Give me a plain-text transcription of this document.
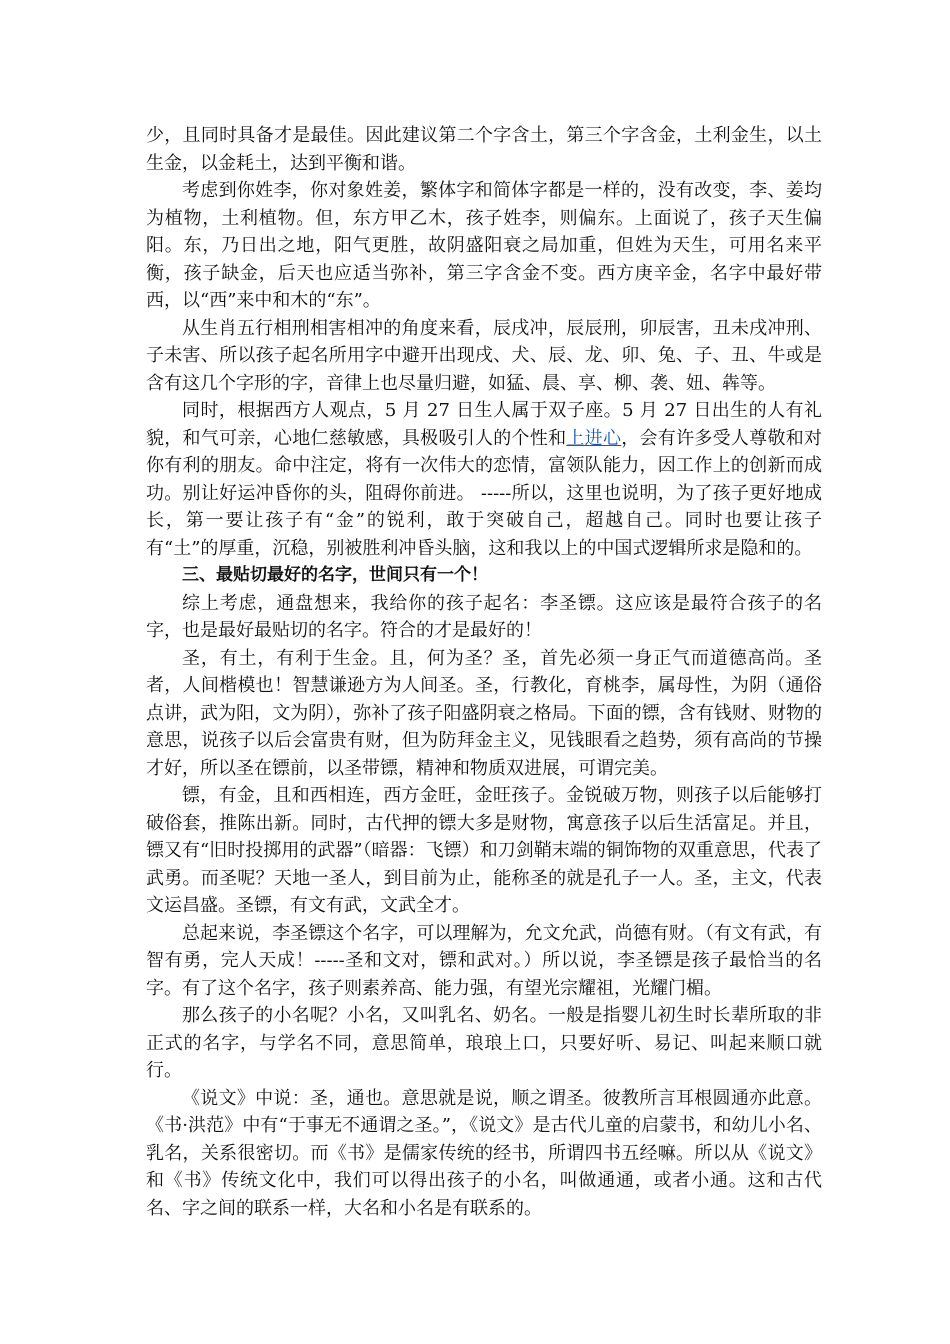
少，且同时具备才是最佳。因此建议第二个字含土，第三个字含金，土利金生，以土生金，以金耗土，达到平衡和谐。

考虑到你姓李，你对象姓姜，繁体字和简体字都是一样的，没有改变，李、姜均为植物，土利植物。但，东方甲乙木，孩子姓李，则偏东。上面说了，孩子天生偏阳。东，乃日出之地，阳气更胜，故阴盛阳衰之局加重，但姓为天生，可用名来平衡，孩子缺金，后天也应适当弥补，第三字含金不变。西方庚辛金，名字中最好带西，以“西”来中和木的“东”。

从生肖五行相刑相害相冲的角度来看，辰戌冲，辰辰刑，卯辰害，丑未戌冲刑、子未害、所以孩子起名所用字中避开出现戌、犬、辰、龙、卯、兔、子、丑、牛或是含有这几个字形的字，音律上也尽量归避，如猛、晨、享、柳、袭、妞、犇等。

同时，根据西方人观点，5 月 27 日生人属于双子座。5 月 27 日出生的人有礼貌，和气可亲，心地仁慈敏感，具极吸引人的个性和上进心，会有许多受人尊敬和对你有利的朋友。命中注定，将有一次伟大的恋情，富领队能力，因工作上的创新而成功。别让好运冲昏你的头，阻碍你前进。 -----所以，这里也说明，为了孩子更好地成长，第一要让孩子有“金”的锐利，敢于突破自己，超越自己。同时也要让孩子有“土”的厚重，沉稳，别被胜利冲昏头脑，这和我以上的中国式逻辑所求是隐和的。

三、最贴切最好的名字，世间只有一个！

综上考虑，通盘想来，我给你的孩子起名：李圣镖。这应该是最符合孩子的名字，也是最好最贴切的名字。符合的才是最好的！

圣，有土，有利于生金。且，何为圣？圣，首先必须一身正气而道德高尚。圣者，人间楷模也！智慧谦逊方为人间圣。圣，行教化，育桃李，属母性，为阴（通俗点讲，武为阳，文为阴），弥补了孩子阳盛阴衰之格局。下面的镖，含有钱财、财物的意思，说孩子以后会富贵有财，但为防拜金主义，见钱眼看之趋势，须有高尚的节操才好，所以圣在镖前，以圣带镖，精神和物质双进展，可谓完美。

镖，有金，且和西相连，西方金旺，金旺孩子。金锐破万物，则孩子以后能够打破俗套，推陈出新。同时，古代押的镖大多是财物，寓意孩子以后生活富足。并且，镖又有“旧时投掷用的武器”（暗器：飞镖）和刀剑鞘末端的铜饰物的双重意思，代表了武勇。而圣呢？天地一圣人，到目前为止，能称圣的就是孔子一人。圣，主文，代表文运昌盛。圣镖，有文有武，文武全才。

总起来说，李圣镖这个名字，可以理解为，允文允武，尚德有财。（有文有武，有智有勇，完人天成！-----圣和文对，镖和武对。）所以说，李圣镖是孩子最恰当的名字。有了这个名字，孩子则素养高、能力强，有望光宗耀祖，光耀门楣。

那么孩子的小名呢？小名，又叫乳名、奶名。一般是指婴儿初生时长辈所取的非正式的名字，与学名不同，意思简单，琅琅上口，只要好听、易记、叫起来顺口就行。

《说文》中说：圣，通也。意思就是说，顺之谓圣。彼教所言耳根圆通亦此意。《书·洪范》中有“于事无不通谓之圣。”，《说文》是古代儿童的启蒙书，和幼儿小名、乳名，关系很密切。而《书》是儒家传统的经书，所谓四书五经嘛。所以从《说文》和《书》传统文化中，我们可以得出孩子的小名，叫做通通，或者小通。这和古代名、字之间的联系一样，大名和小名是有联系的。
